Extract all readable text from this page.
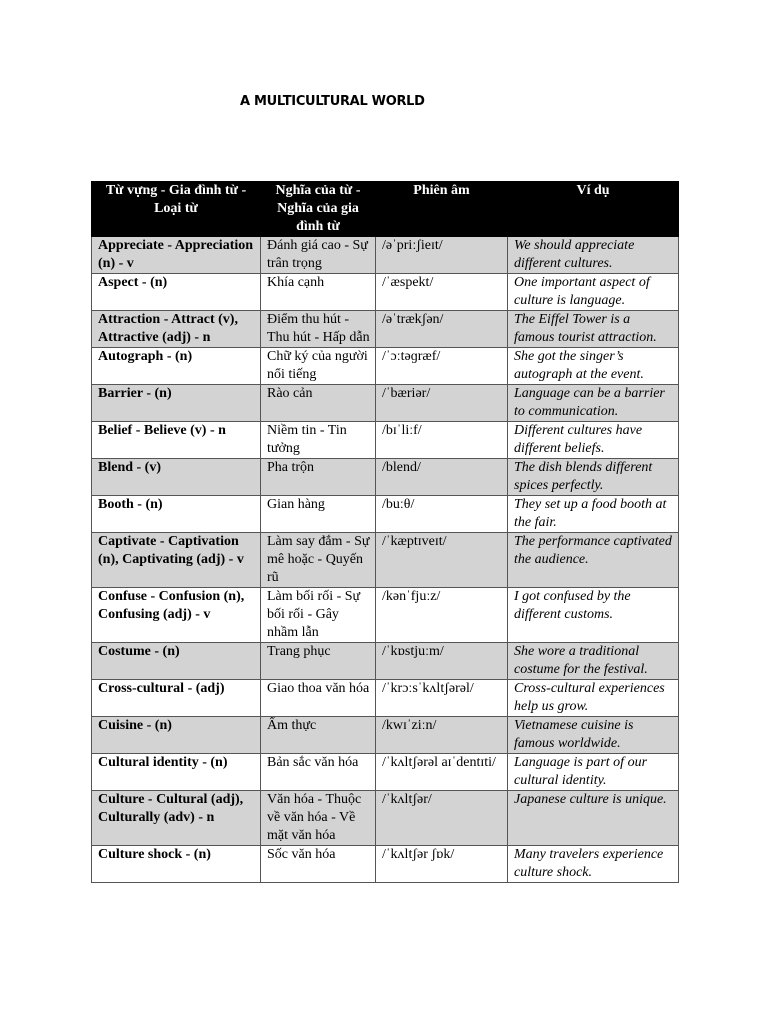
A MULTICULTURAL WORLD
Từ vựng - Gia đình từ - Loại từ	Nghĩa của từ - Nghĩa của gia đình từ	Phiên âm	Ví dụ
Appreciate - Appreciation (n) - v	Đánh giá cao - Sự trân trọng	/əˈpriːʃieɪt/	We should appreciate different cultures.
Aspect - (n)	Khía cạnh	/ˈæspekt/	One important aspect of culture is language.
Attraction - Attract (v), Attractive (adj) - n	Điểm thu hút - Thu hút - Hấp dẫn	/əˈtrækʃən/	The Eiffel Tower is a famous tourist attraction.
Autograph - (n)	Chữ ký của người nổi tiếng	/ˈɔːtəɡræf/	She got the singer’s autograph at the event.
Barrier - (n)	Rào cản	/ˈbæriər/	Language can be a barrier to communication.
Belief - Believe (v) - n	Niềm tin - Tin tưởng	/bɪˈliːf/	Different cultures have different beliefs.
Blend - (v)	Pha trộn	/blend/	The dish blends different spices perfectly.
Booth - (n)	Gian hàng	/buːθ/	They set up a food booth at the fair.
Captivate - Captivation (n), Captivating (adj) - v	Làm say đắm - Sự mê hoặc - Quyến rũ	/ˈkæptɪveɪt/	The performance captivated the audience.
Confuse - Confusion (n), Confusing (adj) - v	Làm bối rối - Sự bối rối - Gây nhầm lẫn	/kənˈfjuːz/	I got confused by the different customs.
Costume - (n)	Trang phục	/ˈkɒstjuːm/	She wore a traditional costume for the festival.
Cross-cultural - (adj)	Giao thoa văn hóa	/ˈkrɔːsˈkʌltʃərəl/	Cross-cultural experiences help us grow.
Cuisine - (n)	Ẩm thực	/kwɪˈziːn/	Vietnamese cuisine is famous worldwide.
Cultural identity - (n)	Bản sắc văn hóa	/ˈkʌltʃərəl aɪˈdentɪti/	Language is part of our cultural identity.
Culture - Cultural (adj), Culturally (adv) - n	Văn hóa - Thuộc về văn hóa - Về mặt văn hóa	/ˈkʌltʃər/	Japanese culture is unique.
Culture shock - (n)	Sốc văn hóa	/ˈkʌltʃər ʃɒk/	Many travelers experience culture shock.
